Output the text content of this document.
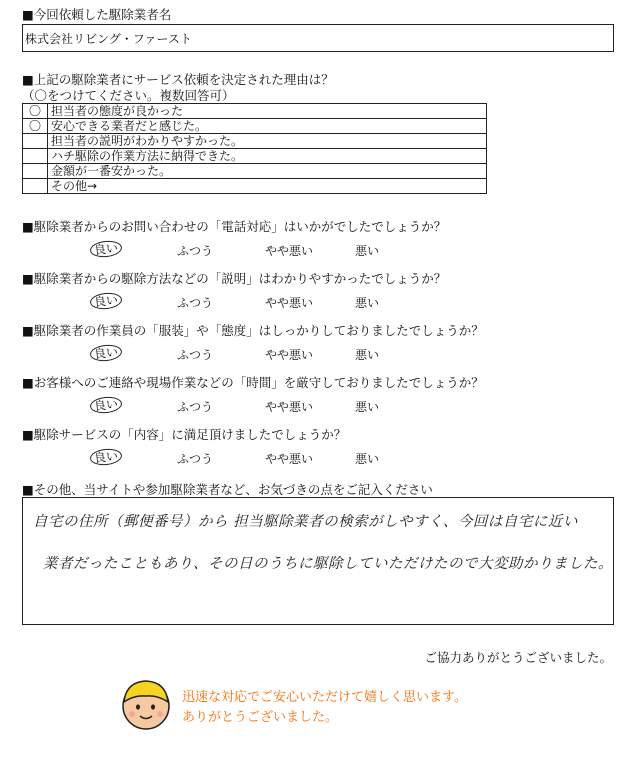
■今回依頼した駆除業者名
株式会社リビング・ファースト
■上記の駆除業者にサービス依頼を決定された理由は？
（〇をつけてください。複数回答可）
〇	担当者の態度が良かった
〇	安心できる業者だと感じた。
	担当者の説明がわかりやすかった。
	ハチ駆除の作業方法に納得できた。
	金額が一番安かった。
	その他→
■駆除業者からのお問い合わせの「電話対応」はいかがでしたでしょうか？
良い	ふつう	やや悪い	悪い
■駆除業者からの駆除方法などの「説明」はわかりやすかったでしょうか？
良い	ふつう	やや悪い	悪い
■駆除業者の作業員の「服装」や「態度」はしっかりしておりましたでしょうか？
良い	ふつう	やや悪い	悪い
■お客様へのご連絡や現場作業などの「時間」を厳守しておりましたでしょうか？
良い	ふつう	やや悪い	悪い
■駆除サービスの「内容」に満足頂けましたでしょうか？
良い	ふつう	やや悪い	悪い
■その他、当サイトや参加駆除業者など、お気づきの点をご記入ください
自宅の住所（郵便番号）から 担当駆除業者の検索がしやすく、今回は自宅に近い
業者だったこともあり、その日のうちに駆除していただけたので大変助かりました。
ご協力ありがとうございました。
迅速な対応でご安心いただけて嬉しく思います。
ありがとうございました。
